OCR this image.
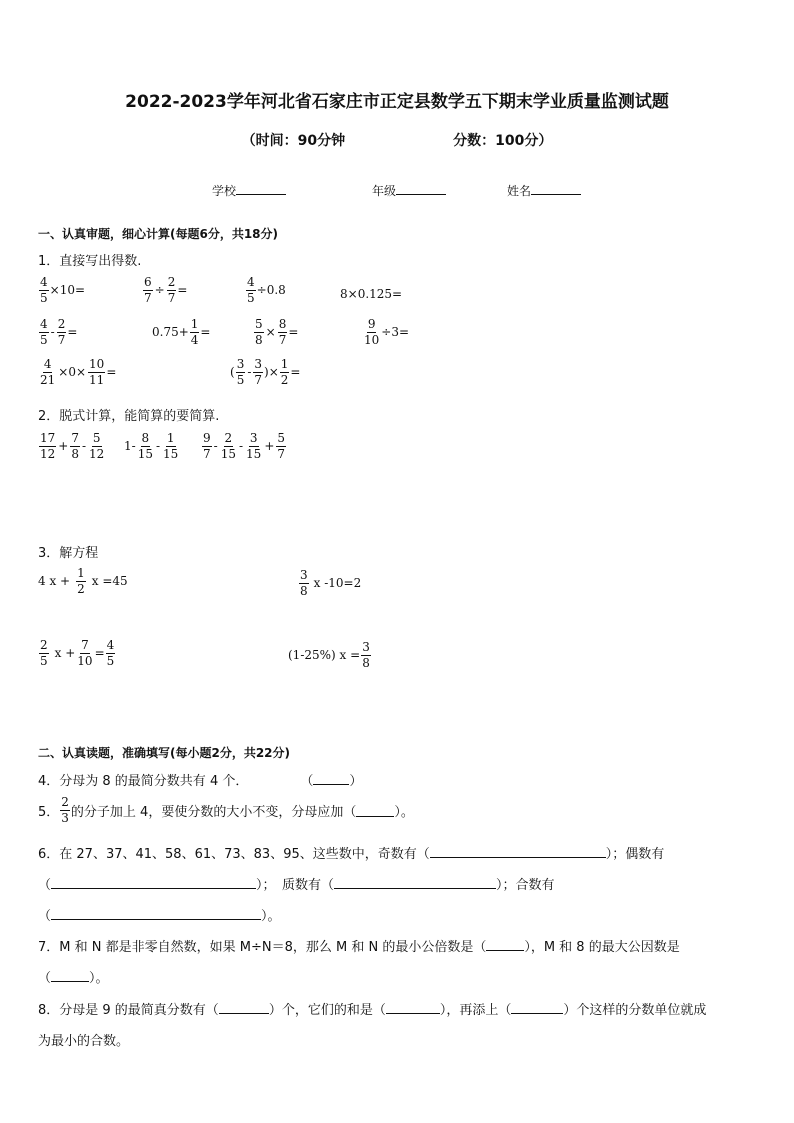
2022-2023学年河北省石家庄市正定县数学五下期末学业质量监测试题
（时间：90分钟	分数：100分）
学校	年级	姓名
一、认真审题，细心计算(每题6分，共18分)
1．直接写出得数.
$\frac{4}{5} \times 10=$	$\frac{6}{7} \div \frac{2}{7}$ =	$\frac{4}{5} \div 0.8$	8×0.125=
$\frac{4}{5} - \frac{2}{7}$ =	$0.75+ \frac{1}{4}$ =	$\frac{5}{8} \times \frac{8}{7}$ =	$\frac{9}{10} \div 3=$
$\frac{4}{21} \times 0\times \frac{10}{11}$ =	( $\frac{3}{5} - \frac{3}{7}$ )× $\frac{1}{2}$ =
2．脱式计算，能简算的要简算.
$\frac{17}{12} + \frac{7}{8} - \frac{5}{12} 1- \frac{8}{15} - \frac{1}{15} \frac{9}{7} - \frac{2}{15} - \frac{3}{15} + \frac{5}{7}$
3．解方程
4 $x + \frac{1}{2}$ x =45	$\frac{3}{8}$ x -10=2
$\frac{2}{5}$ $x + \frac{7}{10} = \frac{4}{5}$	(1-25%) $x = \frac{3}{8}$
二、认真读题，准确填写(每小题2分，共22分)
4．分母为 8 的最简分数共有 4 个．	（	）
5． $\frac{2}{3}$ 的分子加上 4，要使分数的大小不变，分母应加（	）。
6．在 27、37、41、58、61、73、83、95、这些数中，奇数有（	）；偶数有
（	）；　质数有（	）；合数有
（	）。
7．M 和 N 都是非零自然数，如果 M÷N＝8，那么 M 和 N 的最小公倍数是（	），M 和 8 的最大公因数是
（	）。
8．分母是 9 的最简真分数有（	）个，它们的和是（	），再添上（	）个这样的分数单位就成
为最小的合数。
